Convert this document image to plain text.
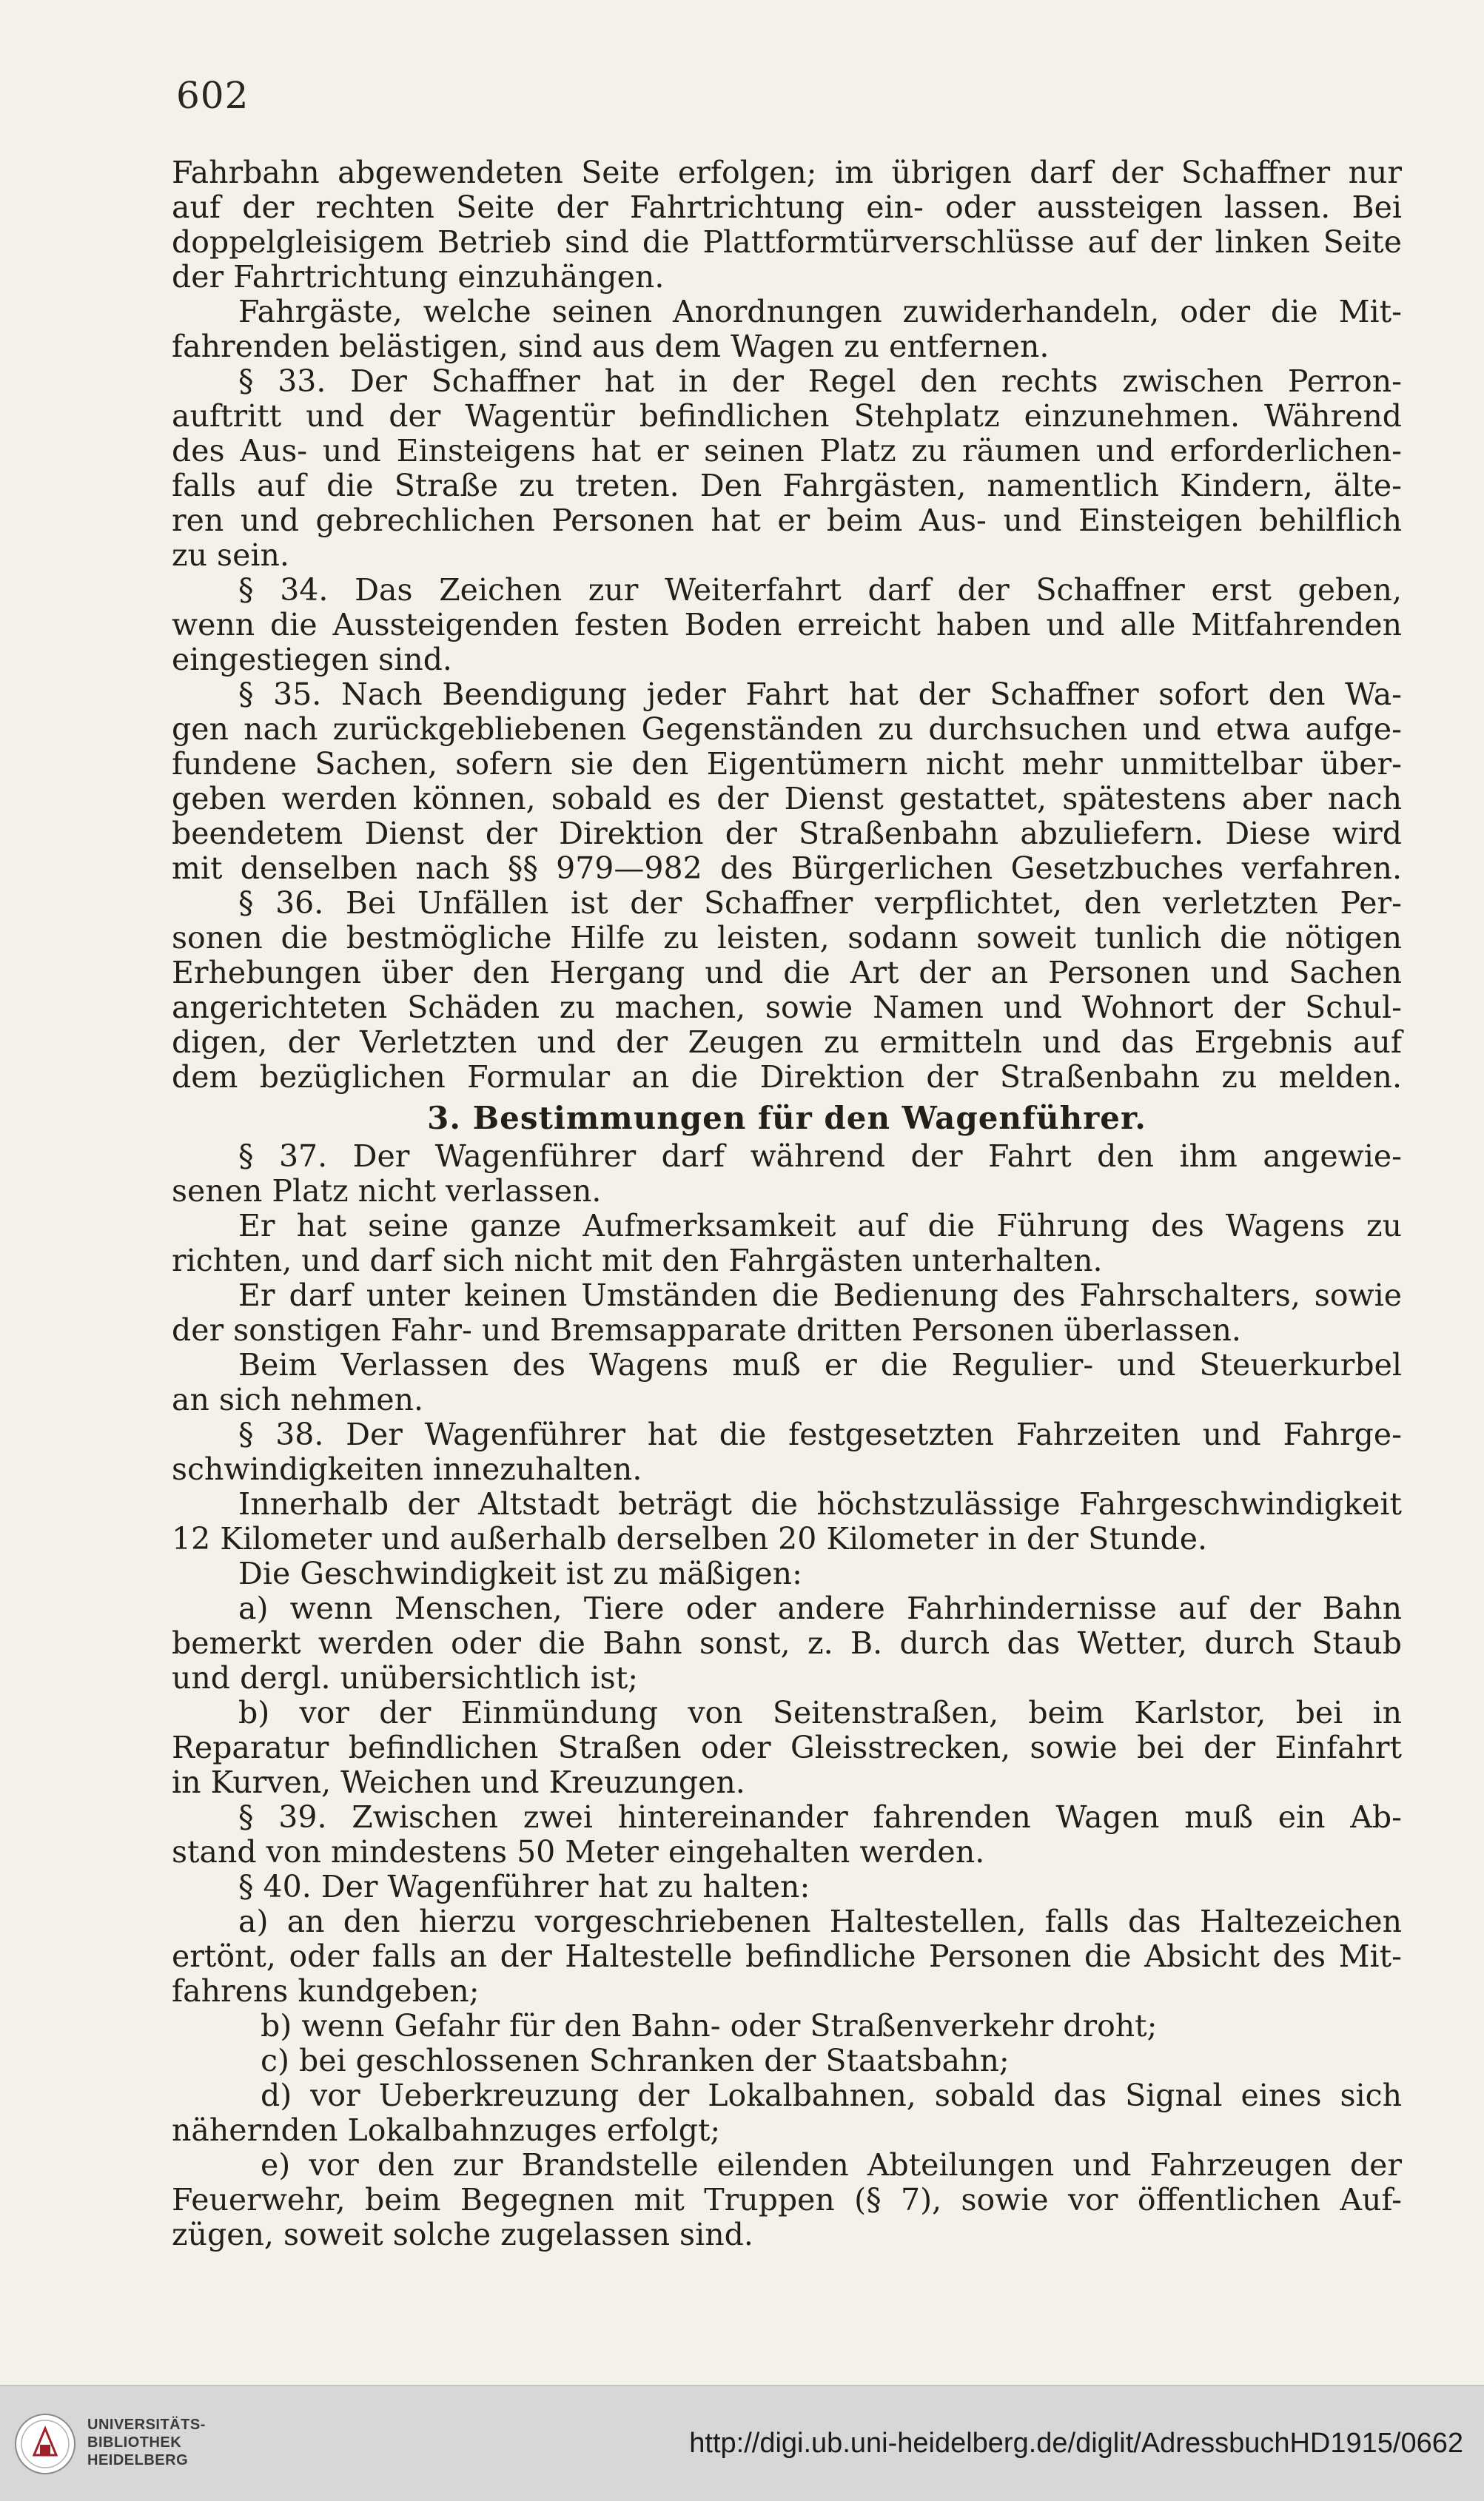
602
Fahrbahn abgewendeten Seite erfolgen; im übrigen darf der Schaffner nur
auf der rechten Seite der Fahrtrichtung ein- oder aussteigen lassen. Bei
doppelgleisigem Betrieb sind die Plattformtürverschlüsse auf der linken Seite
der Fahrtrichtung einzuhängen.
Fahrgäste, welche seinen Anordnungen zuwiderhandeln, oder die Mit-
fahrenden belästigen, sind aus dem Wagen zu entfernen.
§ 33. Der Schaffner hat in der Regel den rechts zwischen Perron-
auftritt und der Wagentür befindlichen Stehplatz einzunehmen. Während
des Aus- und Einsteigens hat er seinen Platz zu räumen und erforderlichen-
falls auf die Straße zu treten. Den Fahrgästen, namentlich Kindern, älte-
ren und gebrechlichen Personen hat er beim Aus- und Einsteigen behilflich
zu sein.
§ 34. Das Zeichen zur Weiterfahrt darf der Schaffner erst geben,
wenn die Aussteigenden festen Boden erreicht haben und alle Mitfahrenden
eingestiegen sind.
§ 35. Nach Beendigung jeder Fahrt hat der Schaffner sofort den Wa-
gen nach zurückgebliebenen Gegenständen zu durchsuchen und etwa aufge-
fundene Sachen, sofern sie den Eigentümern nicht mehr unmittelbar über-
geben werden können, sobald es der Dienst gestattet, spätestens aber nach
beendetem Dienst der Direktion der Straßenbahn abzuliefern. Diese wird
mit denselben nach §§ 979—982 des Bürgerlichen Gesetzbuches verfahren.
§ 36. Bei Unfällen ist der Schaffner verpflichtet, den verletzten Per-
sonen die bestmögliche Hilfe zu leisten, sodann soweit tunlich die nötigen
Erhebungen über den Hergang und die Art der an Personen und Sachen
angerichteten Schäden zu machen, sowie Namen und Wohnort der Schul-
digen, der Verletzten und der Zeugen zu ermitteln und das Ergebnis auf
dem bezüglichen Formular an die Direktion der Straßenbahn zu melden.
3. Bestimmungen für den Wagenführer.
§ 37. Der Wagenführer darf während der Fahrt den ihm angewie-
senen Platz nicht verlassen.
Er hat seine ganze Aufmerksamkeit auf die Führung des Wagens zu
richten, und darf sich nicht mit den Fahrgästen unterhalten.
Er darf unter keinen Umständen die Bedienung des Fahrschalters, sowie
der sonstigen Fahr- und Bremsapparate dritten Personen überlassen.
Beim Verlassen des Wagens muß er die Regulier- und Steuerkurbel
an sich nehmen.
§ 38. Der Wagenführer hat die festgesetzten Fahrzeiten und Fahrge-
schwindigkeiten innezuhalten.
Innerhalb der Altstadt beträgt die höchstzulässige Fahrgeschwindigkeit
12 Kilometer und außerhalb derselben 20 Kilometer in der Stunde.
Die Geschwindigkeit ist zu mäßigen:
a) wenn Menschen, Tiere oder andere Fahrhindernisse auf der Bahn
bemerkt werden oder die Bahn sonst, z. B. durch das Wetter, durch Staub
und dergl. unübersichtlich ist;
b) vor der Einmündung von Seitenstraßen, beim Karlstor, bei in
Reparatur befindlichen Straßen oder Gleisstrecken, sowie bei der Einfahrt
in Kurven, Weichen und Kreuzungen.
§ 39. Zwischen zwei hintereinander fahrenden Wagen muß ein Ab-
stand von mindestens 50 Meter eingehalten werden.
§ 40. Der Wagenführer hat zu halten:
a) an den hierzu vorgeschriebenen Haltestellen, falls das Haltezeichen
ertönt, oder falls an der Haltestelle befindliche Personen die Absicht des Mit-
fahrens kundgeben;
b) wenn Gefahr für den Bahn- oder Straßenverkehr droht;
c) bei geschlossenen Schranken der Staatsbahn;
d) vor Ueberkreuzung der Lokalbahnen, sobald das Signal eines sich
nähernden Lokalbahnzuges erfolgt;
e) vor den zur Brandstelle eilenden Abteilungen und Fahrzeugen der
Feuerwehr, beim Begegnen mit Truppen (§ 7), sowie vor öffentlichen Auf-
zügen, soweit solche zugelassen sind.
UNIVERSITÄTS-
BIBLIOTHEK
HEIDELBERG
http://digi.ub.uni-heidelberg.de/diglit/AdressbuchHD1915/0662
